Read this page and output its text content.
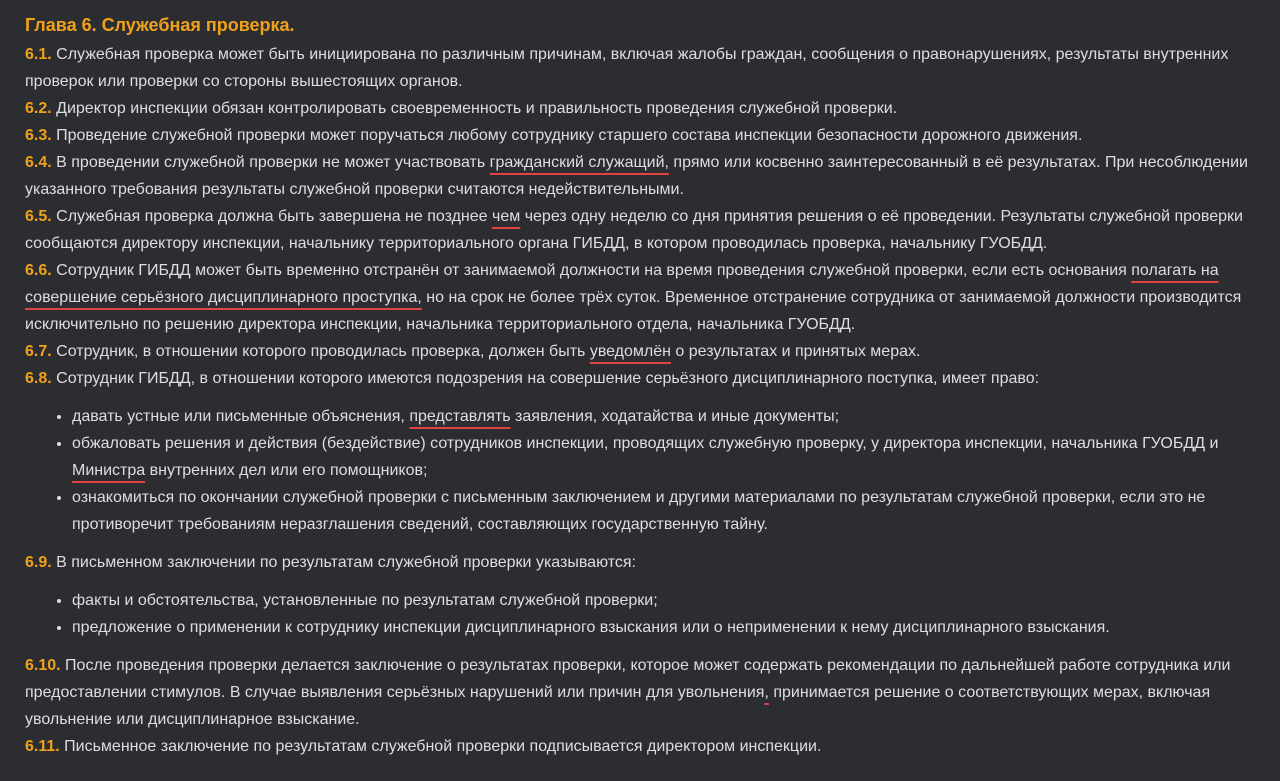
Глава 6. Служебная проверка.

6.1. Служебная проверка может быть инициирована по различным причинам, включая жалобы граждан, сообщения о правонарушениях, результаты внутренних проверок или проверки со стороны вышестоящих органов.

6.2. Директор инспекции обязан контролировать своевременность и правильность проведения служебной проверки.

6.3. Проведение служебной проверки может поручаться любому сотруднику старшего состава инспекции безопасности дорожного движения.

6.4. В проведении служебной проверки не может участвовать гражданский служащий, прямо или косвенно заинтересованный в её результатах. При несоблюдении указанного требования результаты служебной проверки считаются недействительными.

6.5. Служебная проверка должна быть завершена не позднее чем через одну неделю со дня принятия решения о её проведении. Результаты служебной проверки сообщаются директору инспекции, начальнику территориального органа ГИБДД, в котором проводилась проверка, начальнику ГУОБДД.

6.6. Сотрудник ГИБДД может быть временно отстранён от занимаемой должности на время проведения служебной проверки, если есть основания полагать на совершение серьёзного дисциплинарного проступка, но на срок не более трёх суток. Временное отстранение сотрудника от занимаемой должности производится исключительно по решению директора инспекции, начальника территориального отдела, начальника ГУОБДД.

6.7. Сотрудник, в отношении которого проводилась проверка, должен быть уведомлён о результатах и принятых мерах.

6.8. Сотрудник ГИБДД, в отношении которого имеются подозрения на совершение серьёзного дисциплинарного поступка, имеет право:

• давать устные или письменные объяснения, представлять заявления, ходатайства и иные документы;
• обжаловать решения и действия (бездействие) сотрудников инспекции, проводящих служебную проверку, у директора инспекции, начальника ГУОБДД и Министра внутренних дел или его помощников;
• ознакомиться по окончании служебной проверки с письменным заключением и другими материалами по результатам служебной проверки, если это не противоречит требованиям неразглашения сведений, составляющих государственную тайну.

6.9. В письменном заключении по результатам служебной проверки указываются:

• факты и обстоятельства, установленные по результатам служебной проверки;
• предложение о применении к сотруднику инспекции дисциплинарного взыскания или о неприменении к нему дисциплинарного взыскания.

6.10. После проведения проверки делается заключение о результатах проверки, которое может содержать рекомендации по дальнейшей работе сотрудника или предоставлении стимулов. В случае выявления серьёзных нарушений или причин для увольнения, принимается решение о соответствующих мерах, включая увольнение или дисциплинарное взыскание.

6.11. Письменное заключение по результатам служебной проверки подписывается директором инспекции.
